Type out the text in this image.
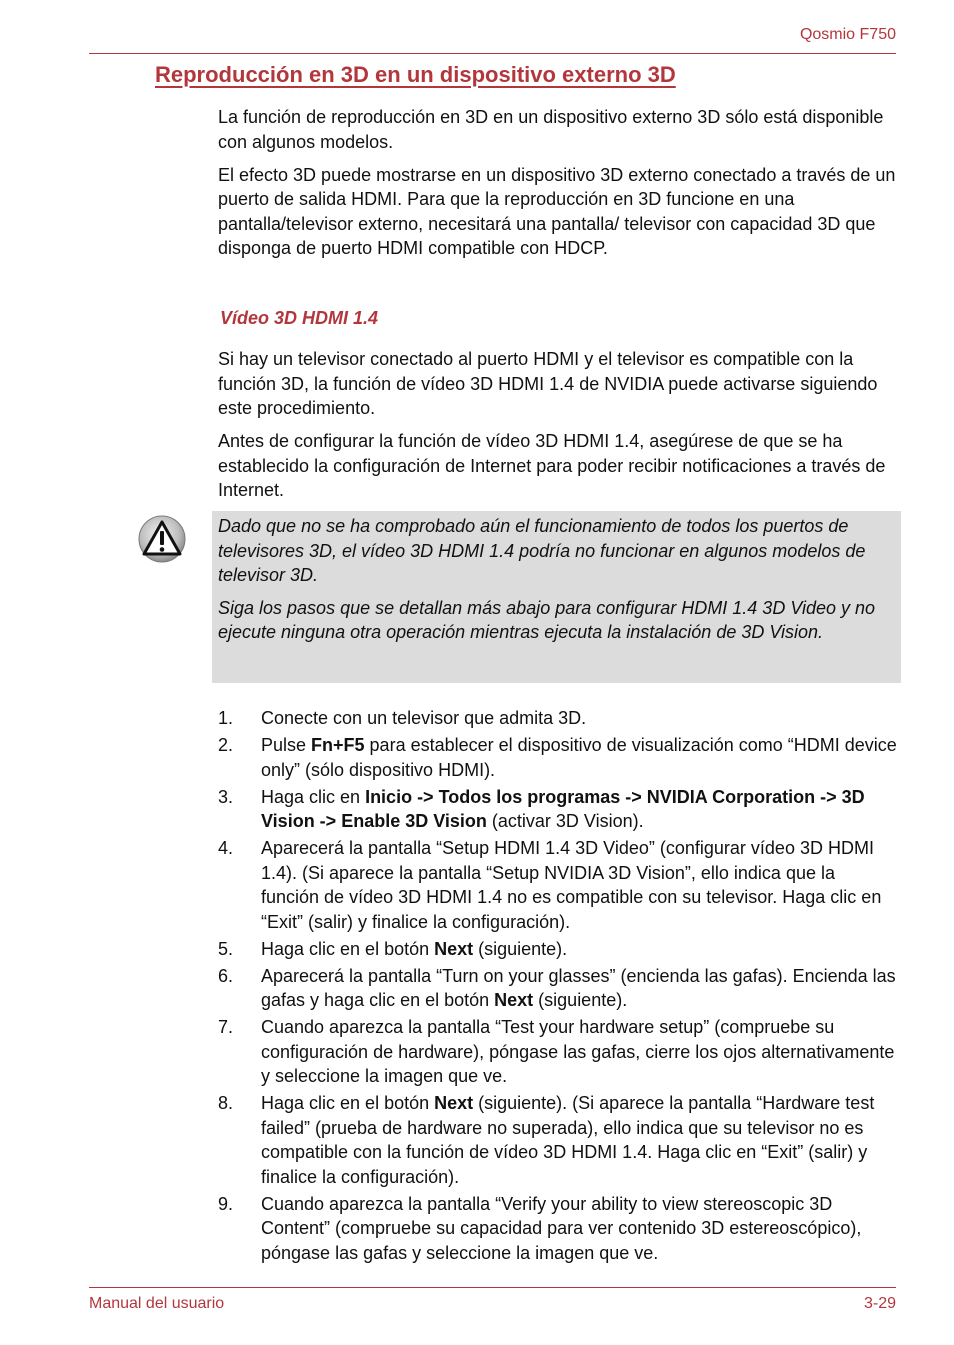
Qosmio F750
Reproducción en 3D en un dispositivo externo 3D

La función de reproducción en 3D en un dispositivo externo 3D sólo está disponible con algunos modelos.

El efecto 3D puede mostrarse en un dispositivo 3D externo conectado a través de un puerto de salida HDMI. Para que la reproducción en 3D funcione en una pantalla/televisor externo, necesitará una pantalla/ televisor con capacidad 3D que disponga de puerto HDMI compatible con HDCP.

Vídeo 3D HDMI 1.4

Si hay un televisor conectado al puerto HDMI y el televisor es compatible con la función 3D, la función de vídeo 3D HDMI 1.4 de NVIDIA puede activarse siguiendo este procedimiento.

Antes de configurar la función de vídeo 3D HDMI 1.4, asegúrese de que se ha establecido la configuración de Internet para poder recibir notificaciones a través de Internet.

Dado que no se ha comprobado aún el funcionamiento de todos los puertos de televisores 3D, el vídeo 3D HDMI 1.4 podría no funcionar en algunos modelos de televisor 3D.

Siga los pasos que se detallan más abajo para configurar HDMI 1.4 3D Video y no ejecute ninguna otra operación mientras ejecuta la instalación de 3D Vision.

1.	Conecte con un televisor que admita 3D.
2.	Pulse Fn+F5 para establecer el dispositivo de visualización como “HDMI device only” (sólo dispositivo HDMI).
3.	Haga clic en Inicio -> Todos los programas -> NVIDIA Corporation -> 3D Vision -> Enable 3D Vision (activar 3D Vision).
4.	Aparecerá la pantalla “Setup HDMI 1.4 3D Video” (configurar vídeo 3D HDMI 1.4). (Si aparece la pantalla “Setup NVIDIA 3D Vision”, ello indica que la función de vídeo 3D HDMI 1.4 no es compatible con su televisor. Haga clic en “Exit” (salir) y finalice la configuración).
5.	Haga clic en el botón Next (siguiente).
6.	Aparecerá la pantalla “Turn on your glasses” (encienda las gafas). Encienda las gafas y haga clic en el botón Next (siguiente).
7.	Cuando aparezca la pantalla “Test your hardware setup” (compruebe su configuración de hardware), póngase las gafas, cierre los ojos alternativamente y seleccione la imagen que ve.
8.	Haga clic en el botón Next (siguiente). (Si aparece la pantalla “Hardware test failed” (prueba de hardware no superada), ello indica que su televisor no es compatible con la función de vídeo 3D HDMI 1.4. Haga clic en “Exit” (salir) y finalice la configuración).
9.	Cuando aparezca la pantalla “Verify your ability to view stereoscopic 3D Content” (compruebe su capacidad para ver contenido 3D estereoscópico), póngase las gafas y seleccione la imagen que ve.
Manual del usuario	3-29
